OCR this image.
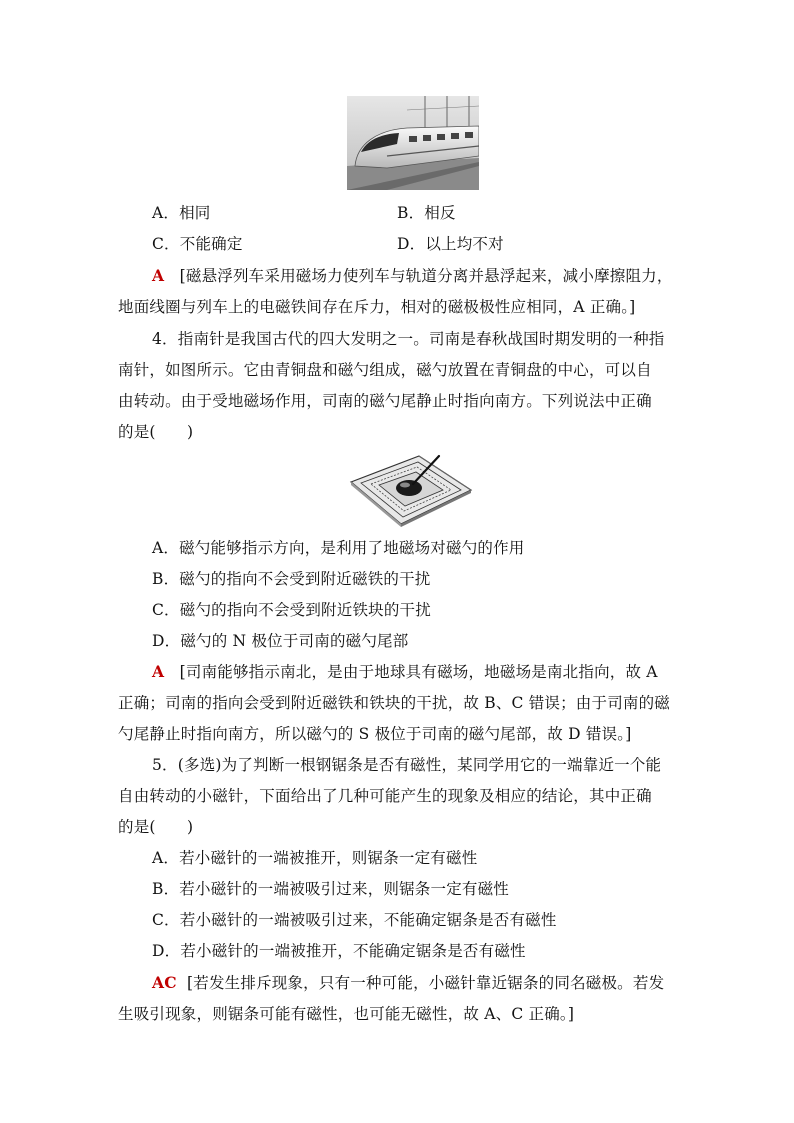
A．相同	B．相反
C．不能确定	D．以上均不对
A [磁悬浮列车采用磁场力使列车与轨道分离并悬浮起来，减小摩擦阻力，
地面线圈与列车上的电磁铁间存在斥力，相对的磁极极性应相同，A 正确。]
4．指南针是我国古代的四大发明之一。司南是春秋战国时期发明的一种指
南针，如图所示。它由青铜盘和磁勺组成，磁勺放置在青铜盘的中心，可以自
由转动。由于受地磁场作用，司南的磁勺尾静止时指向南方。下列说法中正确
的是(　　)
A．磁勺能够指示方向，是利用了地磁场对磁勺的作用
B．磁勺的指向不会受到附近磁铁的干扰
C．磁勺的指向不会受到附近铁块的干扰
D．磁勺的 N 极位于司南的磁勺尾部
A [司南能够指示南北，是由于地球具有磁场，地磁场是南北指向，故 A
正确；司南的指向会受到附近磁铁和铁块的干扰，故 B、C 错误；由于司南的磁
勺尾静止时指向南方，所以磁勺的 S 极位于司南的磁勺尾部，故 D 错误。]
5．(多选)为了判断一根钢锯条是否有磁性，某同学用它的一端靠近一个能
自由转动的小磁针，下面给出了几种可能产生的现象及相应的结论，其中正确
的是(　　)
A．若小磁针的一端被推开，则锯条一定有磁性
B．若小磁针的一端被吸引过来，则锯条一定有磁性
C．若小磁针的一端被吸引过来，不能确定锯条是否有磁性
D．若小磁针的一端被推开，不能确定锯条是否有磁性
AC [若发生排斥现象，只有一种可能，小磁针靠近锯条的同名磁极。若发
生吸引现象，则锯条可能有磁性，也可能无磁性，故 A、C 正确。]
